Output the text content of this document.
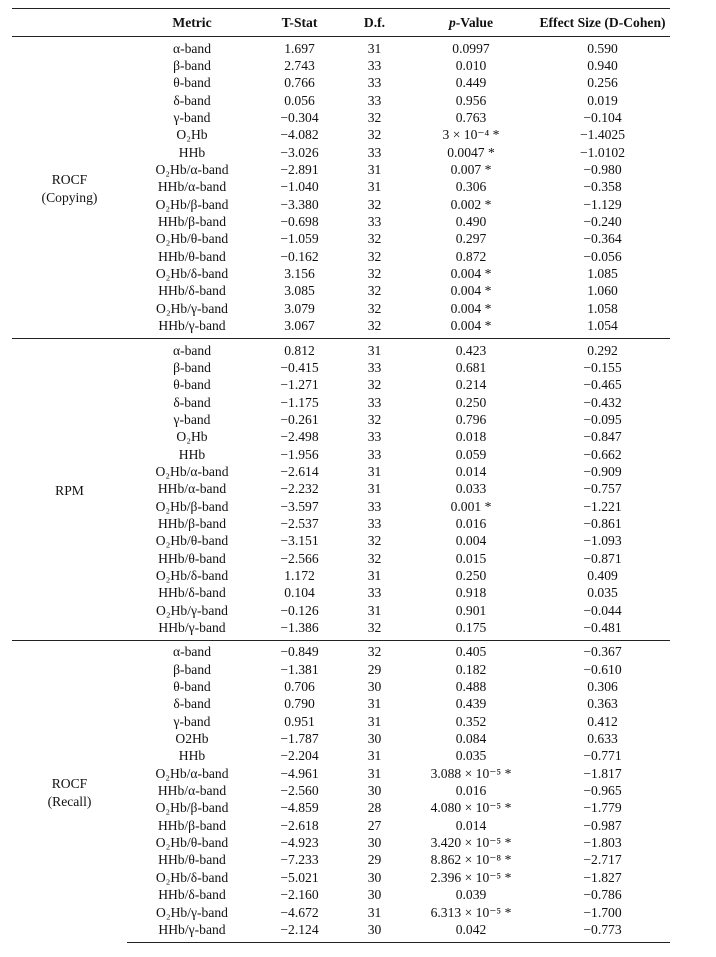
	Metric	T-Stat	D.f.	p-Value	Effect Size (D-Cohen)

ROCF
(Copying)	α-band	1.697	31	0.0997	0.590
	β-band	2.743	33	0.010	0.940
	θ-band	0.766	33	0.449	0.256
	δ-band	0.056	33	0.956	0.019
	γ-band	−0.304	32	0.763	−0.104
	O₂Hb	−4.082	32	3 × 10⁻⁴ *	−1.4025
	HHb	−3.026	33	0.0047 *	−1.0102
	O₂Hb/α-band	−2.891	31	0.007 *	−0.980
	HHb/α-band	−1.040	31	0.306	−0.358
	O₂Hb/β-band	−3.380	32	0.002 *	−1.129
	HHb/β-band	−0.698	33	0.490	−0.240
	O₂Hb/θ-band	−1.059	32	0.297	−0.364
	HHb/θ-band	−0.162	32	0.872	−0.056
	O₂Hb/δ-band	3.156	32	0.004 *	1.085
	HHb/δ-band	3.085	32	0.004 *	1.060
	O₂Hb/γ-band	3.079	32	0.004 *	1.058
	HHb/γ-band	3.067	32	0.004 *	1.054

RPM	α-band	0.812	31	0.423	0.292
	β-band	−0.415	33	0.681	−0.155
	θ-band	−1.271	32	0.214	−0.465
	δ-band	−1.175	33	0.250	−0.432
	γ-band	−0.261	32	0.796	−0.095
	O₂Hb	−2.498	33	0.018	−0.847
	HHb	−1.956	33	0.059	−0.662
	O₂Hb/α-band	−2.614	31	0.014	−0.909
	HHb/α-band	−2.232	31	0.033	−0.757
	O₂Hb/β-band	−3.597	33	0.001 *	−1.221
	HHb/β-band	−2.537	33	0.016	−0.861
	O₂Hb/θ-band	−3.151	32	0.004	−1.093
	HHb/θ-band	−2.566	32	0.015	−0.871
	O₂Hb/δ-band	1.172	31	0.250	0.409
	HHb/δ-band	0.104	33	0.918	0.035
	O₂Hb/γ-band	−0.126	31	0.901	−0.044
	HHb/γ-band	−1.386	32	0.175	−0.481

ROCF
(Recall)	α-band	−0.849	32	0.405	−0.367
	β-band	−1.381	29	0.182	−0.610
	θ-band	0.706	30	0.488	0.306
	δ-band	0.790	31	0.439	0.363
	γ-band	0.951	31	0.352	0.412
	O2Hb	−1.787	30	0.084	0.633
	HHb	−2.204	31	0.035	−0.771
	O₂Hb/α-band	−4.961	31	3.088 × 10⁻⁵ *	−1.817
	HHb/α-band	−2.560	30	0.016	−0.965
	O₂Hb/β-band	−4.859	28	4.080 × 10⁻⁵ *	−1.779
	HHb/β-band	−2.618	27	0.014	−0.987
	O₂Hb/θ-band	−4.923	30	3.420 × 10⁻⁵ *	−1.803
	HHb/θ-band	−7.233	29	8.862 × 10⁻⁸ *	−2.717
	O₂Hb/δ-band	−5.021	30	2.396 × 10⁻⁵ *	−1.827
	HHb/δ-band	−2.160	30	0.039	−0.786
	O₂Hb/γ-band	−4.672	31	6.313 × 10⁻⁵ *	−1.700
	HHb/γ-band	−2.124	30	0.042	−0.773
